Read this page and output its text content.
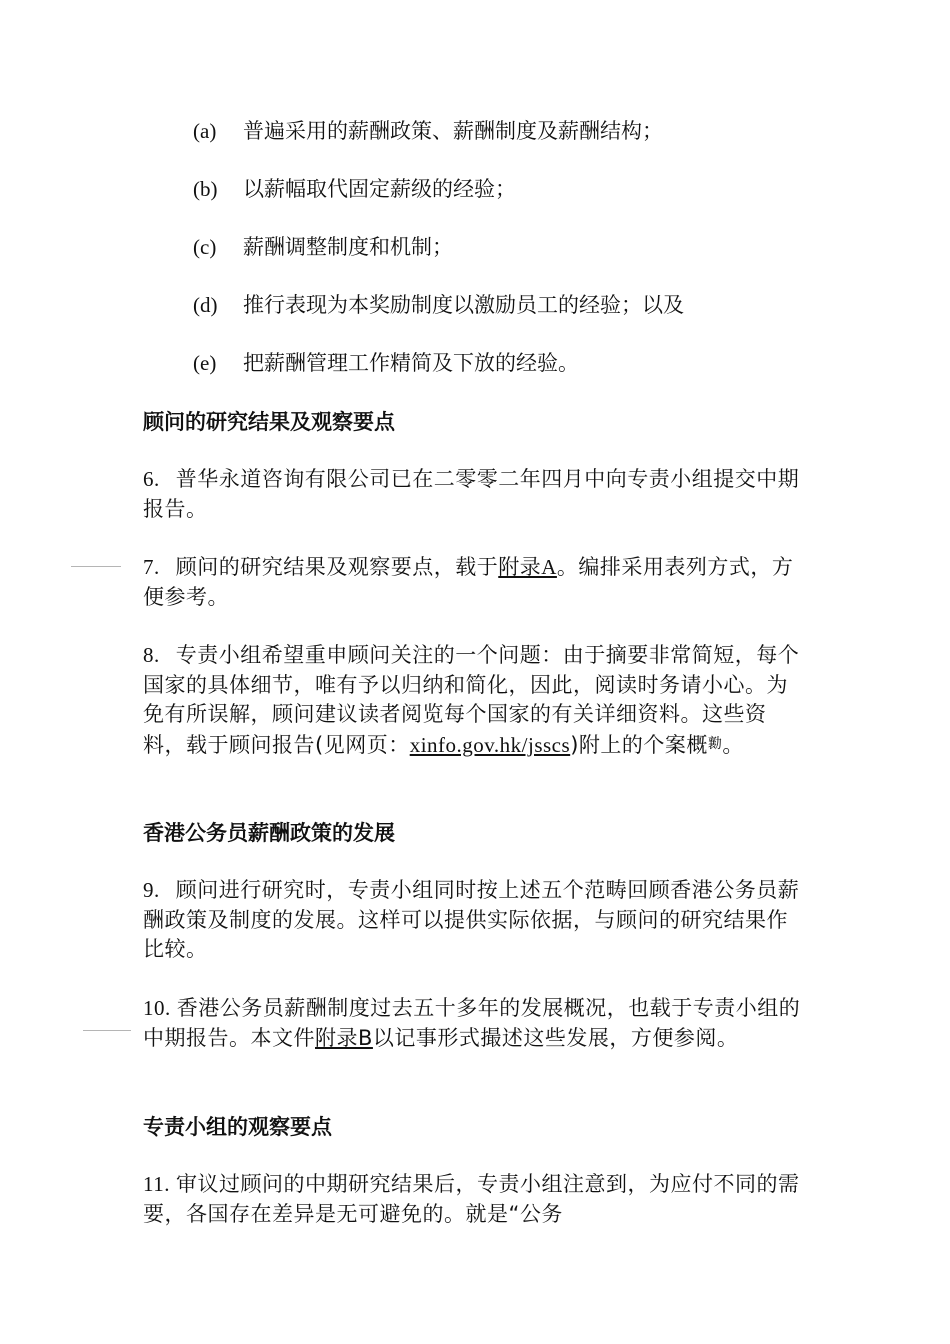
(a) 普遍采用的薪酬政策、薪酬制度及薪酬结构；
(b) 以薪幅取代固定薪级的经验；
(c) 薪酬调整制度和机制；
(d) 推行表现为本奖励制度以激励员工的经验；以及
(e) 把薪酬管理工作精简及下放的经验。
顾问的研究结果及观察要点
6. 普华永道咨询有限公司已在二零零二年四月中向专责小组提交中期报告。
7. 顾问的研究结果及观察要点，载于附录A。编排采用表列方式，方便参考。
8. 专责小组希望重申顾问关注的一个问题：由于摘要非常简短，每个国家的具体细节，唯有予以归纳和简化，因此，阅读时务请小心。为免有所误解，顾问建议读者阅览每个国家的有关详细资料。这些资料，载于顾问报告(见网页：xinfo.gov.hk/jsscs)附上的个案概勷。
香港公务员薪酬政策的发展
9. 顾问进行研究时，专责小组同时按上述五个范畴回顾香港公务员薪酬政策及制度的发展。这样可以提供实际依据，与顾问的研究结果作比较。
10. 香港公务员薪酬制度过去五十多年的发展概况，也载于专责小组的中期报告。本文件附录B以记事形式撮述这些发展，方便参阅。
专责小组的观察要点
11. 审议过顾问的中期研究结果后，专责小组注意到，为应付不同的需要，各国存在差异是无可避免的。就是“公务
